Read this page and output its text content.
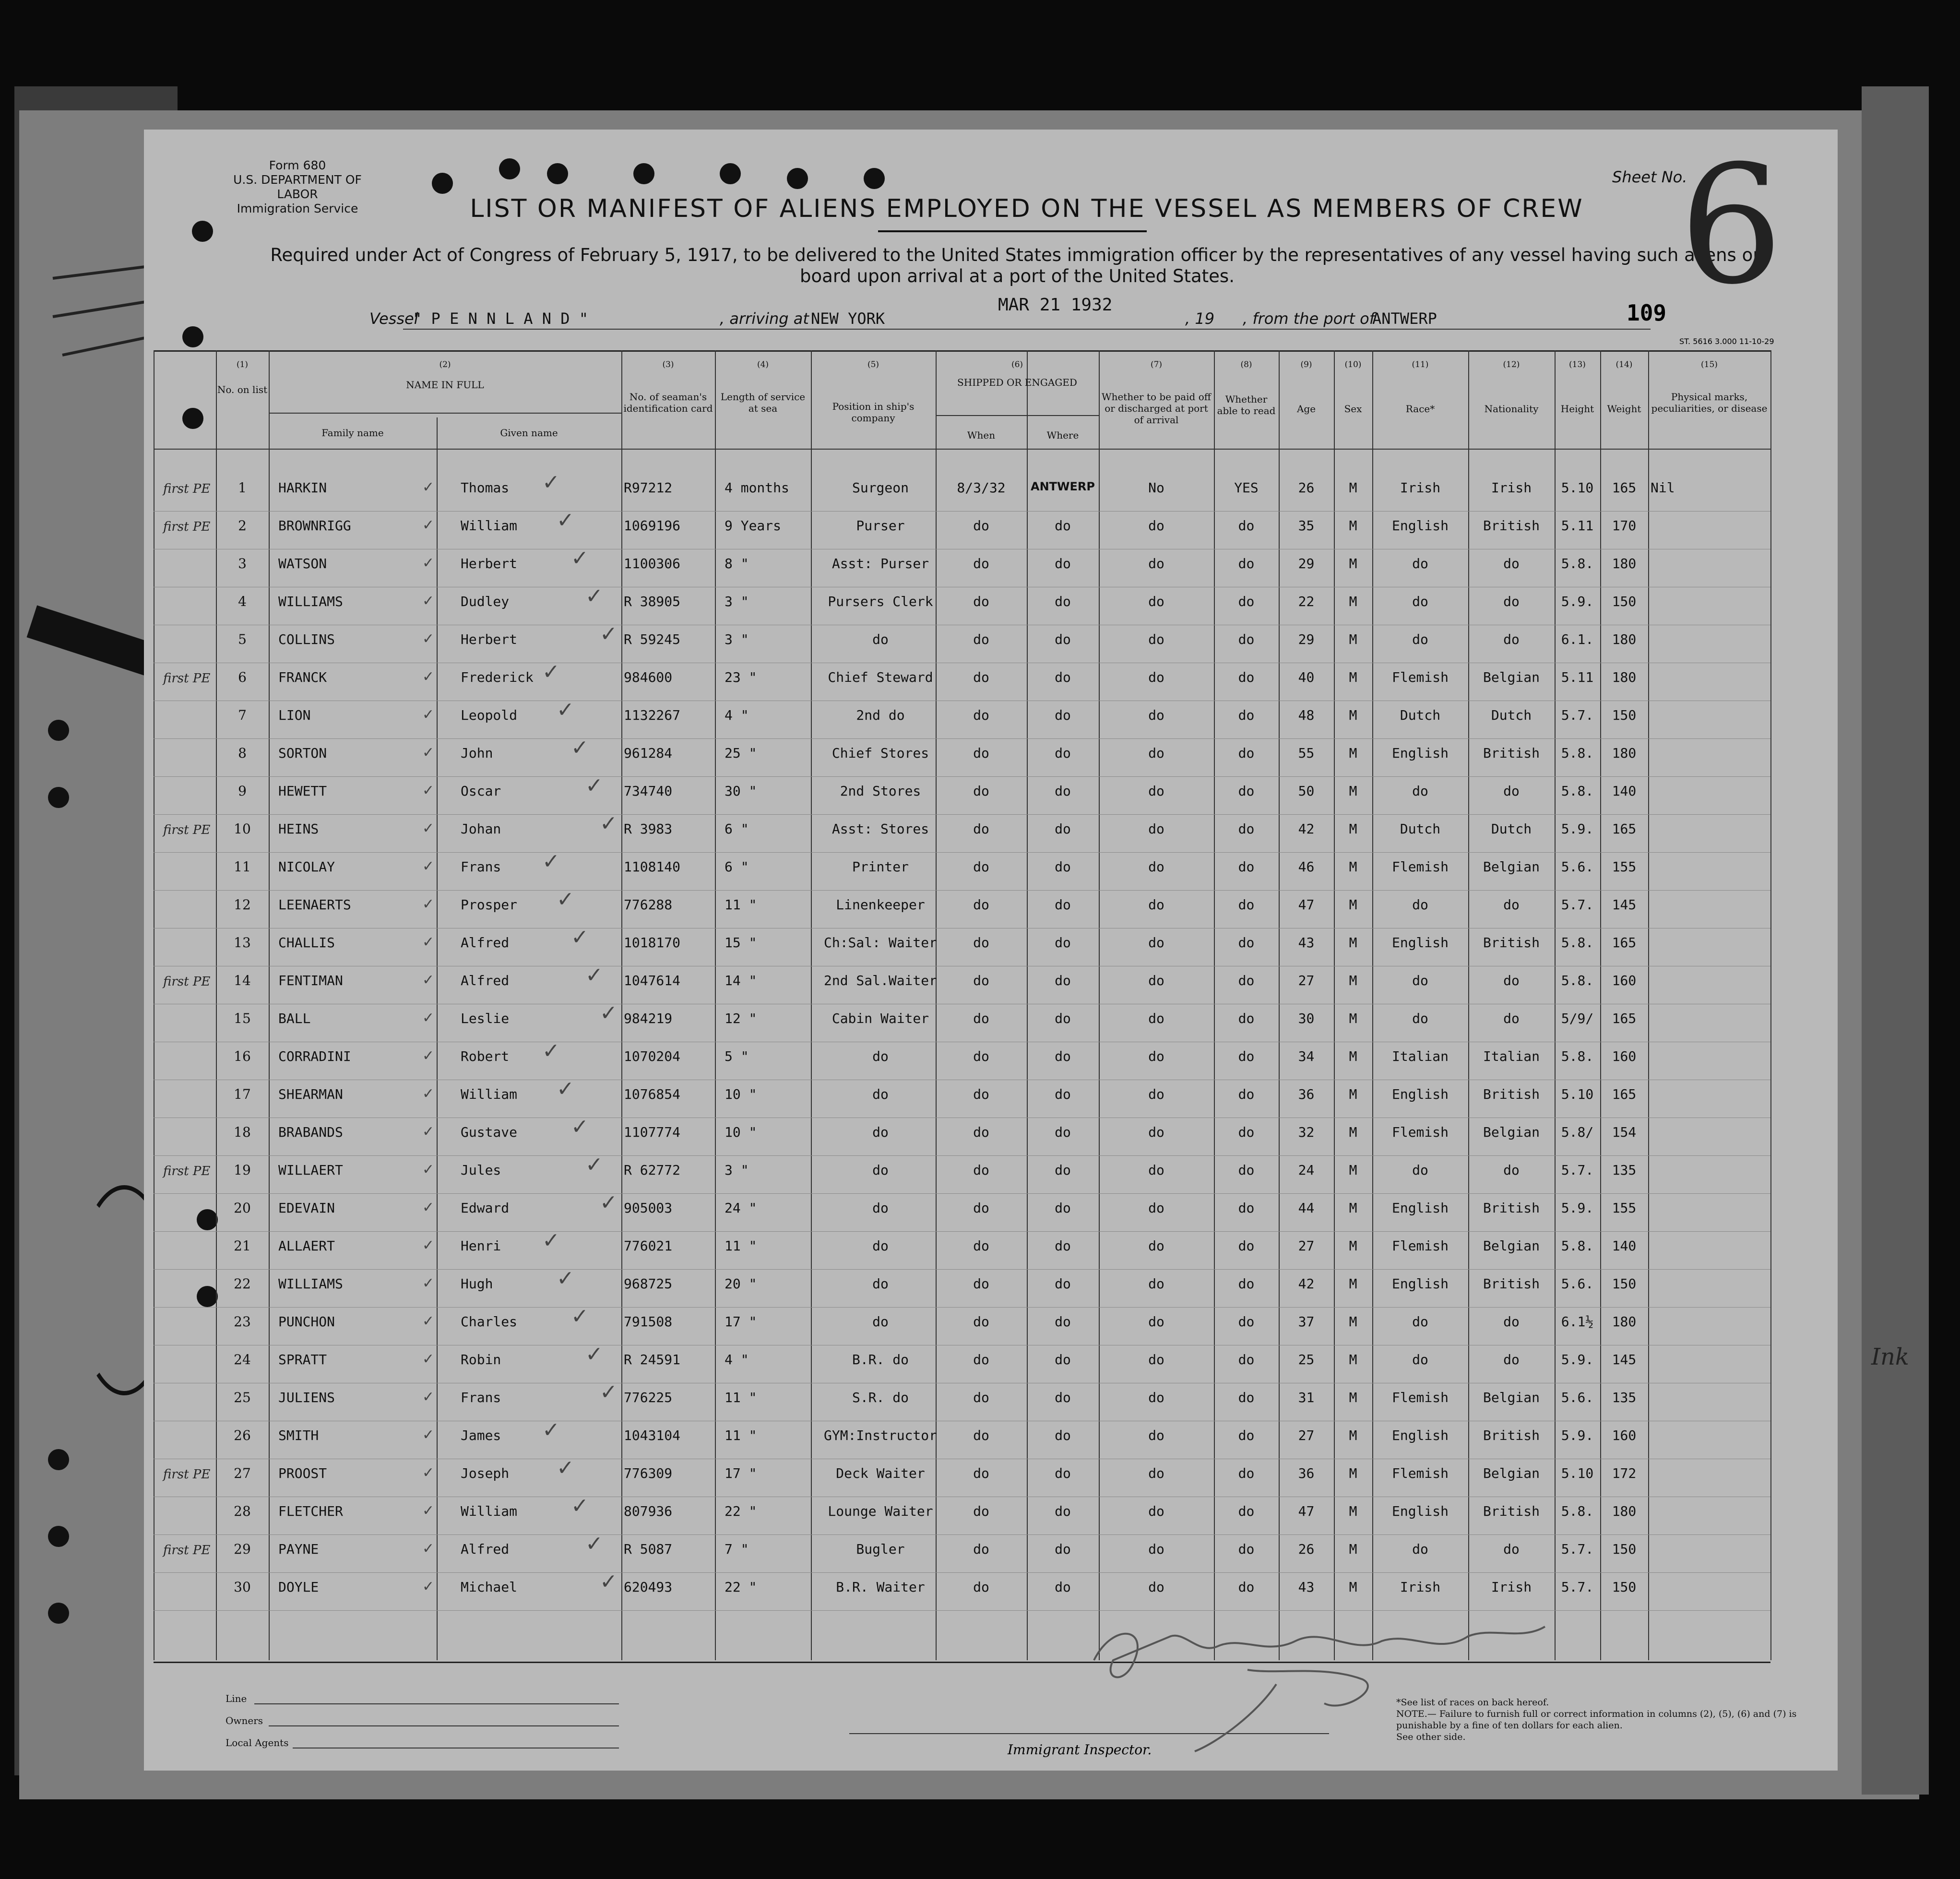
Ink
Form 680
U.S. DEPARTMENT OF LABOR
Immigration Service	LIST OR MANIFEST OF ALIENS EMPLOYED ON THE VESSEL AS MEMBERS OF CREW
Required under Act of Congress of February 5, 1917, to be delivered to the United States immigration officer by the representatives of any vessel having such aliens on board upon arrival at a port of the United States.
Sheet No.
6
Vessel
" P E N N L A N D "	, arriving at NEW YORK
MAR 21 1932
, 19 , from the port of
ANTWERP	109
ST. 5616 3.000 11-10-29
(1)	(2)	(3)	(4)	(5)	(6)	(7)	(8)	(9)	(10)	(11)	(12)	(13)	(14)	(15)
No. on list	NAME IN FULL
Family name	Given name
No. of seaman's identification card
Length of service at sea	Position in ship's company
SHIPPED OR ENGAGED
When	Where
Whether to be paid off or discharged at port of arrival
Whether able to read	Age	Sex	Race*	Nationality	Height	Weight
Physical marks, peculiarities, or disease
1	HARKIN	Thomas	R97212	4 months	Surgeon	8/3/32	ANTWERP	No	YES	26	M	Irish	Irish	5.10	165	Nil
✓	✓
first PE
2	BROWNRIGG	William	1069196	9 Years	Purser	do	do	do	do	35	M	English	British	5.11	170
✓	✓
first PE
3	WATSON	Herbert	1100306	8 "	Asst: Purser	do	do	do	do	29	M	do	do	5.8.	180
✓	✓
4	WILLIAMS	Dudley	R 38905	3 "	Pursers Clerk	do	do	do	do	22	M	do	do	5.9.	150
✓	✓
5	COLLINS	Herbert	R 59245	3 "	do	do	do	do	do	29	M	do	do	6.1.	180
✓	✓
6	FRANCK	Frederick	984600	23 "	Chief Steward	do	do	do	do	40	M	Flemish	Belgian	5.11	180
✓	✓
first PE
7	LION	Leopold	1132267	4 "	2nd do	do	do	do	do	48	M	Dutch	Dutch	5.7.	150
✓	✓
8	SORTON	John	961284	25 "	Chief Stores	do	do	do	do	55	M	English	British	5.8.	180
✓	✓
9	HEWETT	Oscar	734740	30 "	2nd Stores	do	do	do	do	50	M	do	do	5.8.	140
✓	✓
10	HEINS	Johan	R 3983	6 "	Asst: Stores	do	do	do	do	42	M	Dutch	Dutch	5.9.	165
✓	✓
first PE
11	NICOLAY	Frans	1108140	6 "	Printer	do	do	do	do	46	M	Flemish	Belgian	5.6.	155
✓	✓
12	LEENAERTS	Prosper	776288	11 "	Linenkeeper	do	do	do	do	47	M	do	do	5.7.	145
✓	✓
13	CHALLIS	Alfred	1018170	15 "	Ch:Sal: Waiter	do	do	do	do	43	M	English	British	5.8.	165
✓	✓
14	FENTIMAN	Alfred	1047614	14 "	2nd Sal.Waiter	do	do	do	do	27	M	do	do	5.8.	160
✓	✓
first PE
15	BALL	Leslie	984219	12 "	Cabin Waiter	do	do	do	do	30	M	do	do	5/9/	165
✓	✓
16	CORRADINI	Robert	1070204	5 "	do	do	do	do	do	34	M	Italian	Italian	5.8.	160
✓	✓
17	SHEARMAN	William	1076854	10 "	do	do	do	do	do	36	M	English	British	5.10	165
✓	✓
18	BRABANDS	Gustave	1107774	10 "	do	do	do	do	do	32	M	Flemish	Belgian	5.8/	154
✓	✓
19	WILLAERT	Jules	R 62772	3 "	do	do	do	do	do	24	M	do	do	5.7.	135
✓	✓
first PE
20	EDEVAIN	Edward	905003	24 "	do	do	do	do	do	44	M	English	British	5.9.	155
✓	✓
21	ALLAERT	Henri	776021	11 "	do	do	do	do	do	27	M	Flemish	Belgian	5.8.	140
✓	✓
22	WILLIAMS	Hugh	968725	20 "	do	do	do	do	do	42	M	English	British	5.6.	150
✓	✓
23	PUNCHON	Charles	791508	17 "	do	do	do	do	do	37	M	do	do	6.1½	180
✓	✓
24	SPRATT	Robin	R 24591	4 "	B.R. do	do	do	do	do	25	M	do	do	5.9.	145
✓	✓
25	JULIENS	Frans	776225	11 "	S.R. do	do	do	do	do	31	M	Flemish	Belgian	5.6.	135
✓	✓
26	SMITH	James	1043104	11 "	GYM:Instructor	do	do	do	do	27	M	English	British	5.9.	160
✓	✓
27	PROOST	Joseph	776309	17 "	Deck Waiter	do	do	do	do	36	M	Flemish	Belgian	5.10	172
✓	✓
first PE
28	FLETCHER	William	807936	22 "	Lounge Waiter	do	do	do	do	47	M	English	British	5.8.	180
✓	✓
29	PAYNE	Alfred	R 5087	7 "	Bugler	do	do	do	do	26	M	do	do	5.7.	150
✓	✓
first PE
30	DOYLE	Michael	620493	22 "	B.R. Waiter	do	do	do	do	43	M	Irish	Irish	5.7.	150
✓	✓
Line
Owners
Local Agents	Immigrant Inspector.
*See list of races on back hereof.
NOTE.— Failure to furnish full or correct information in columns (2), (5), (6) and (7) is punishable by a fine of ten dollars for each alien.
See other side.
